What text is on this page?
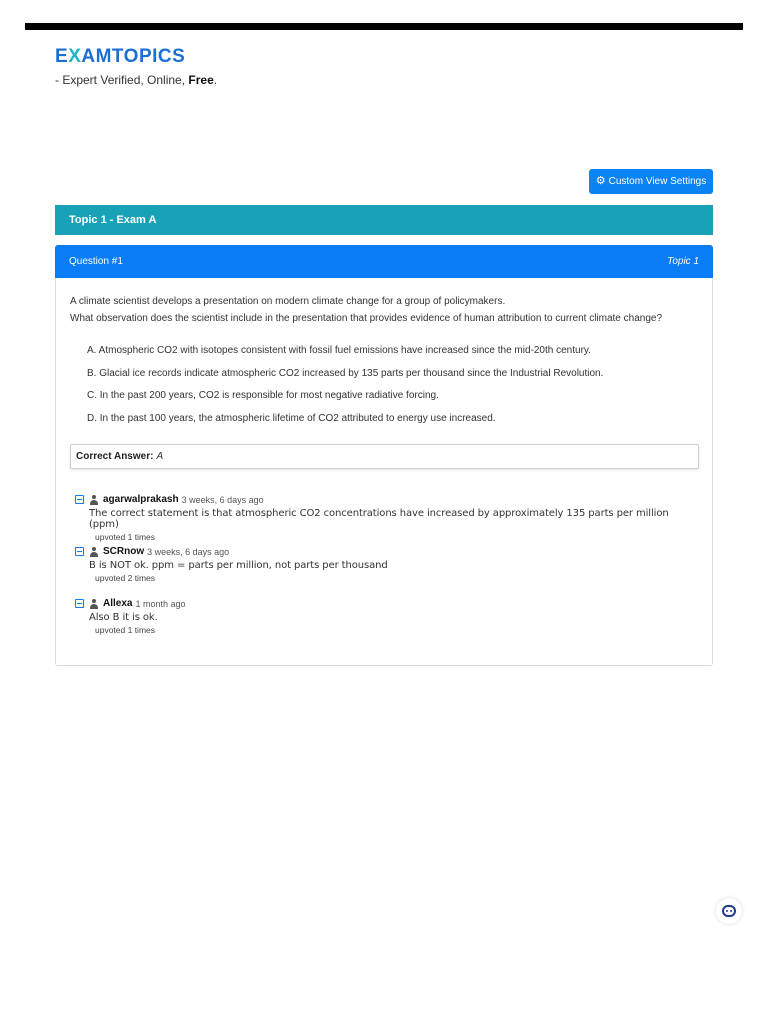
EXAMTOPICS
- Expert Verified, Online, Free.
⚙ Custom View Settings
Topic 1 - Exam A
Question #1	Topic 1
A climate scientist develops a presentation on modern climate change for a group of policymakers.
What observation does the scientist include in the presentation that provides evidence of human attribution to current climate change?
A. Atmospheric CO2 with isotopes consistent with fossil fuel emissions have increased since the mid-20th century.
B. Glacial ice records indicate atmospheric CO2 increased by 135 parts per thousand since the Industrial Revolution.
C. In the past 200 years, CO2 is responsible for most negative radiative forcing.
D. In the past 100 years, the atmospheric lifetime of CO2 attributed to energy use increased.
Correct Answer: A
agarwalprakash 3 weeks, 6 days ago
The correct statement is that atmospheric CO2 concentrations have increased by approximately 135 parts per million (ppm)
upvoted 1 times
SCRnow 3 weeks, 6 days ago
B is NOT ok. ppm = parts per million, not parts per thousand
upvoted 2 times
Allexa 1 month ago
Also B it is ok.
upvoted 1 times
